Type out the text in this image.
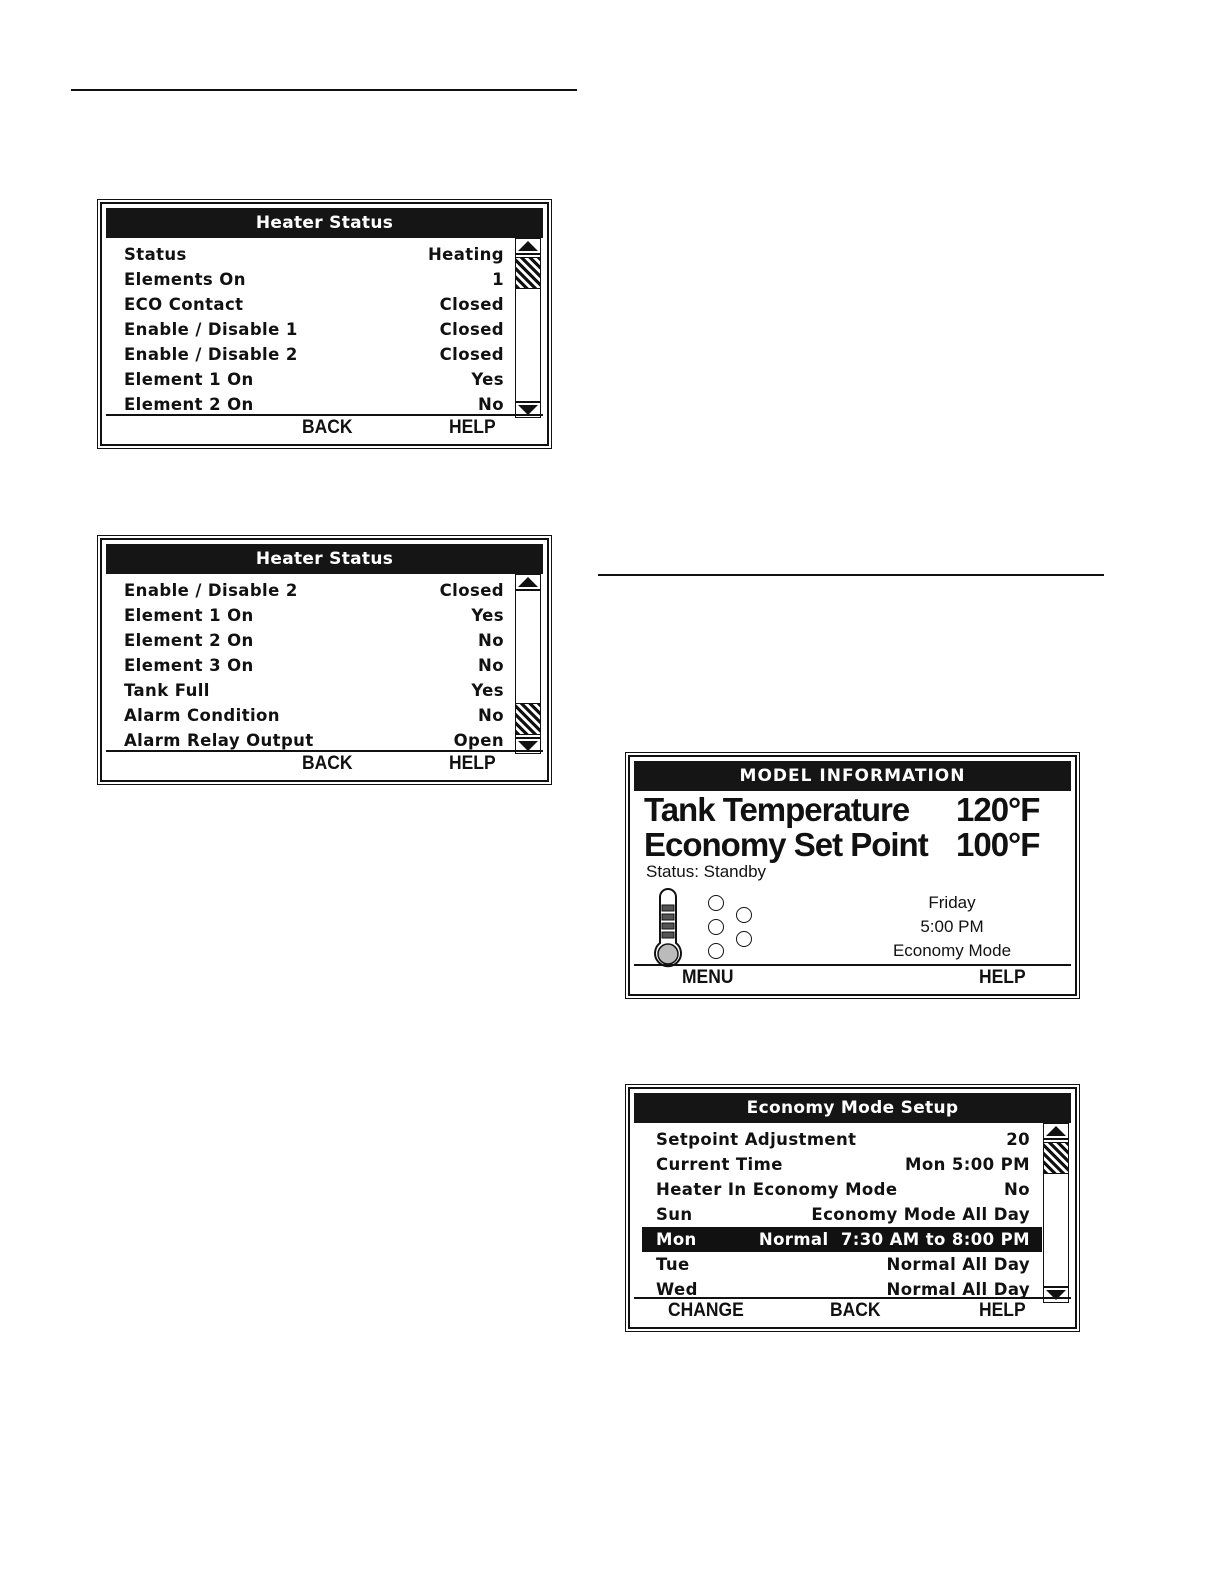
Heater Status
Status	Heating
Elements On	1
ECO Contact	Closed
Enable / Disable 1	Closed
Enable / Disable 2	Closed
Element 1 On	Yes
Element 2 On	No
BACK	HELP
Heater Status
Enable / Disable 2	Closed
Element 1 On	Yes
Element 2 On	No
Element 3 On	No
Tank Full	Yes
Alarm Condition	No
Alarm Relay Output	Open
BACK	HELP
MODEL INFORMATION
Tank Temperature 120°F
Economy Set Point 100°F
Status: Standby
Friday
5:00 PM
Economy Mode
MENU	HELP
Economy Mode Setup
Setpoint Adjustment	20
Current Time	Mon 5:00 PM
Heater In Economy Mode	No
Sun	Economy Mode All Day
Mon	Normal  7:30 AM to 8:00 PM
Tue	Normal All Day
Wed	Normal All Day
CHANGE	BACK	HELP
